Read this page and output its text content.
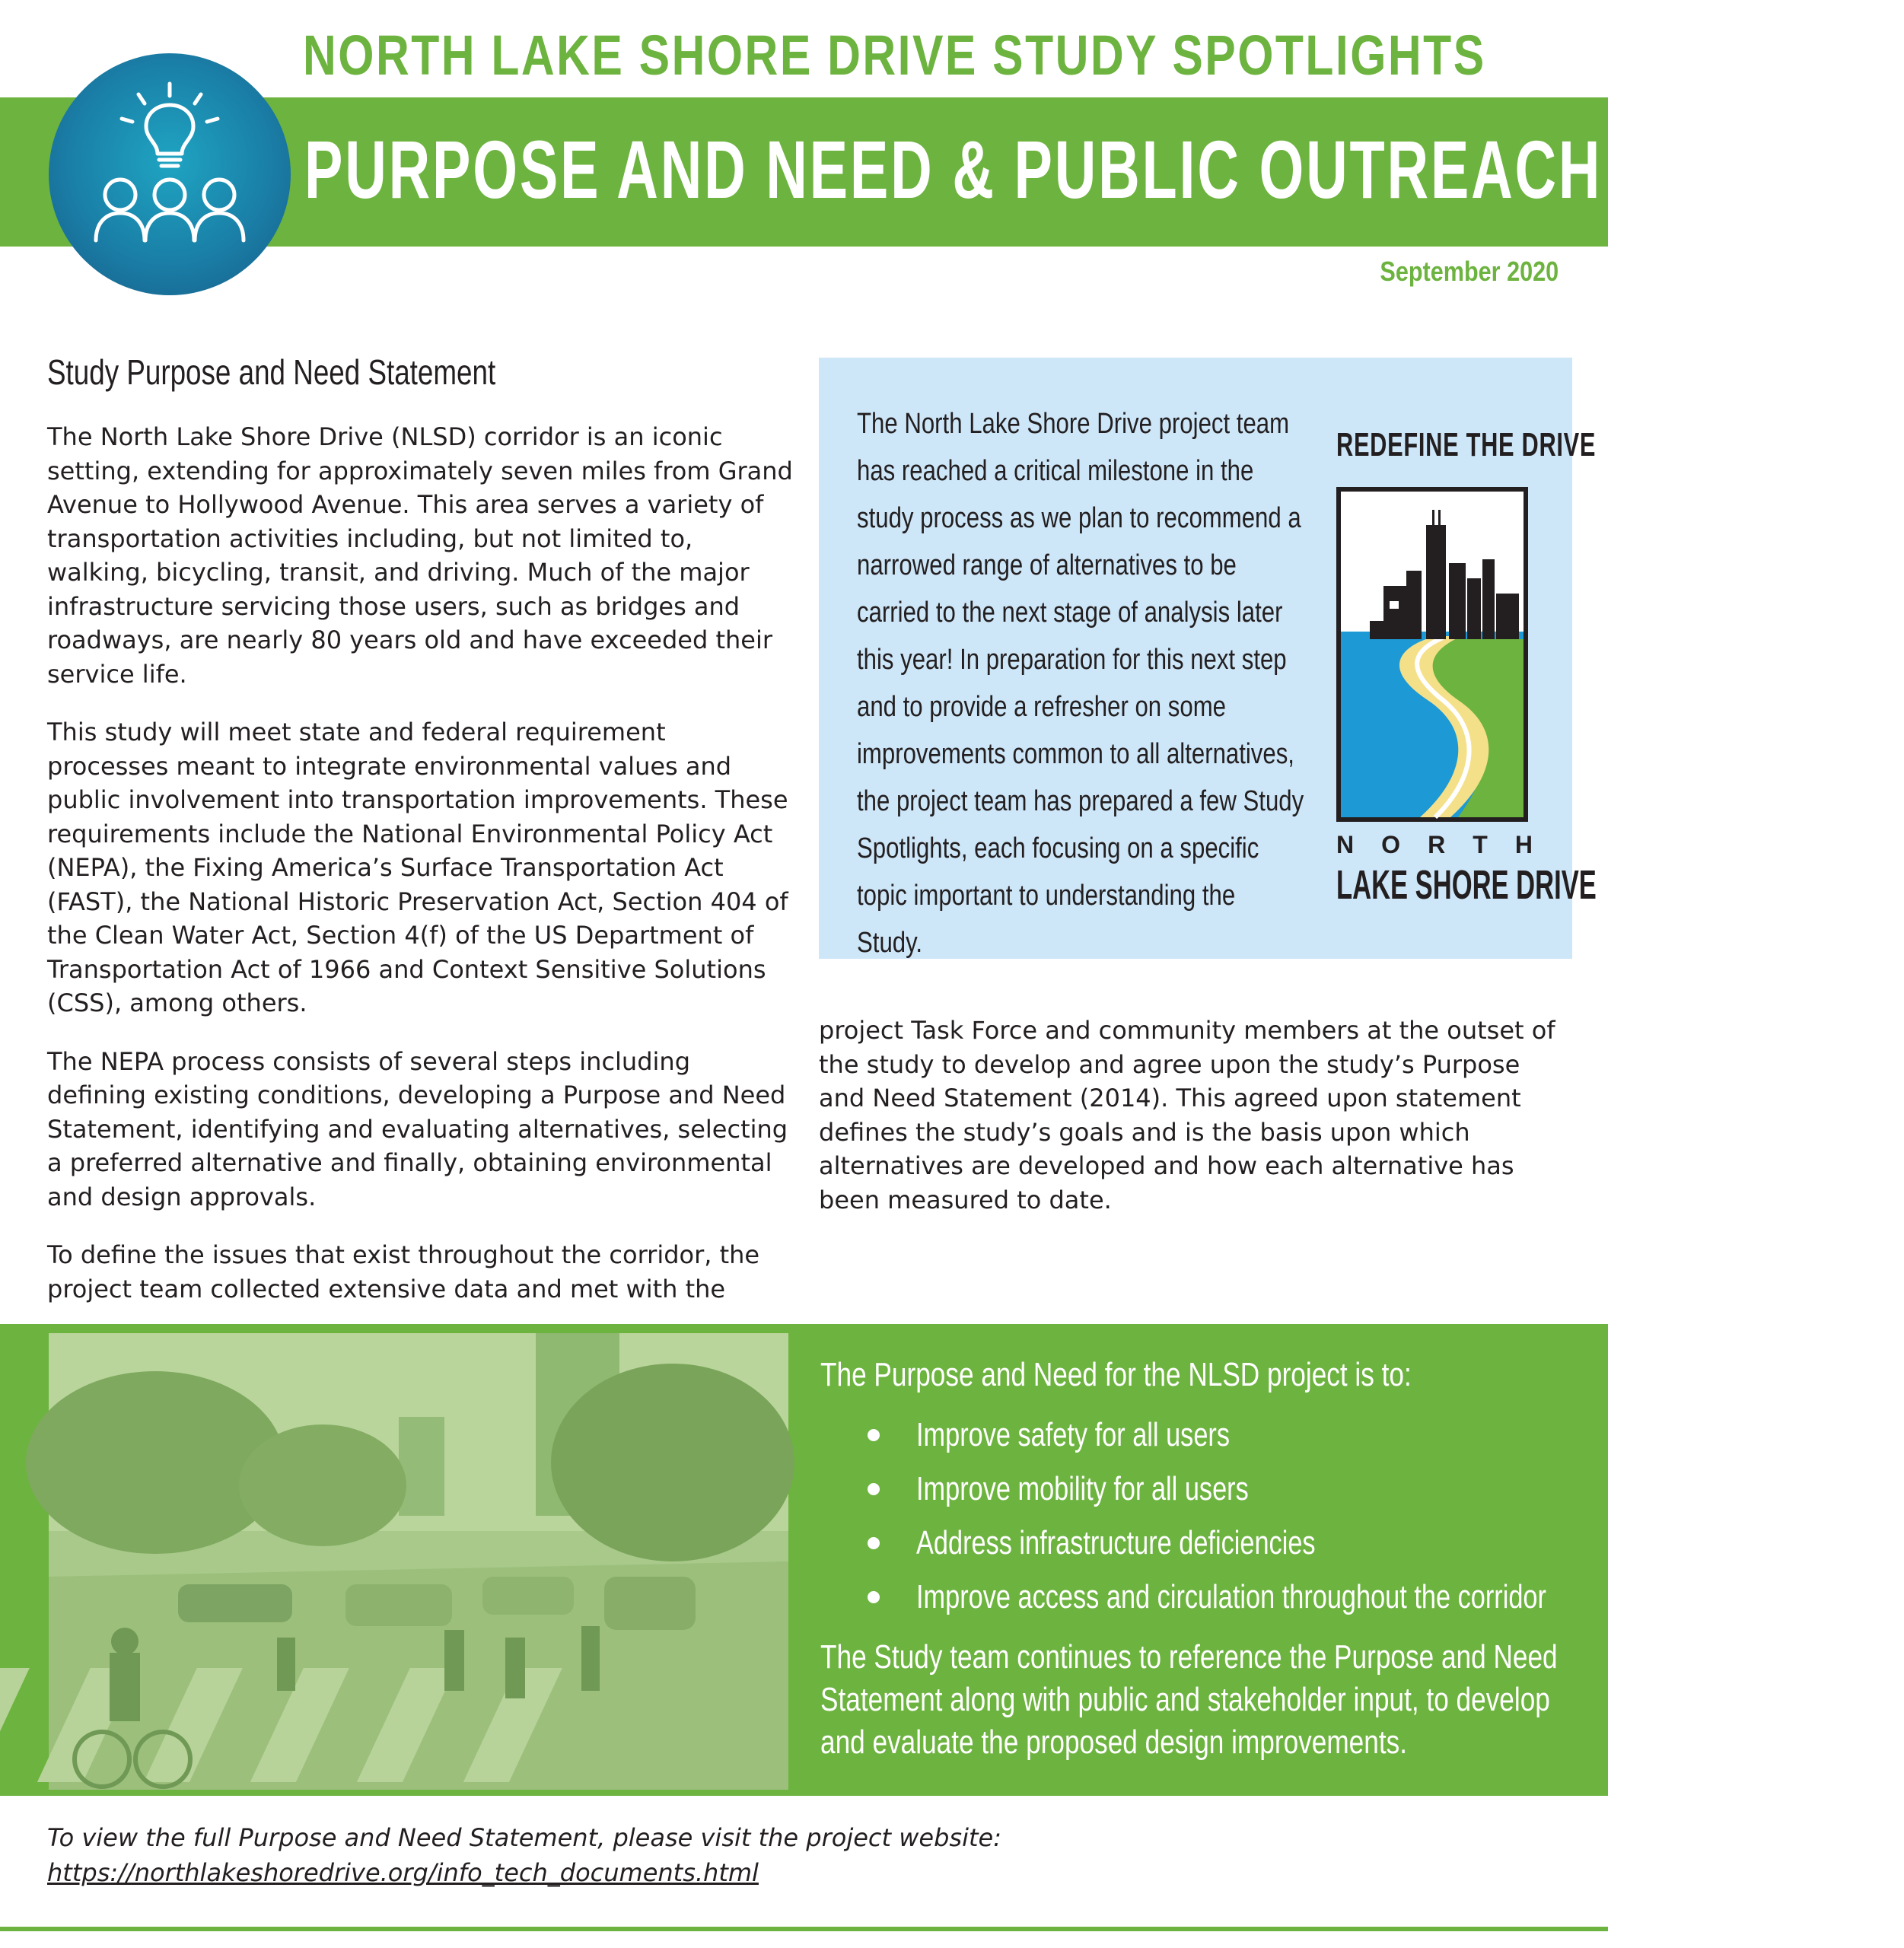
NORTH LAKE SHORE DRIVE STUDY SPOTLIGHTS
PURPOSE AND NEED & PUBLIC OUTREACH EFFORTS
September 2020
Study Purpose and Need Statement

The North Lake Shore Drive (NLSD) corridor is an iconic setting, extending for approximately seven miles from Grand Avenue to Hollywood Avenue. This area serves a variety of transportation activities including, but not limited to, walking, bicycling, transit, and driving. Much of the major infrastructure servicing those users, such as bridges and roadways, are nearly 80 years old and have exceeded their service life.

This study will meet state and federal requirement processes meant to integrate environmental values and public involvement into transportation improvements. These requirements include the National Environmental Policy Act (NEPA), the Fixing America’s Surface Transportation Act (FAST), the National Historic Preservation Act, Section 404 of the Clean Water Act, Section 4(f) of the US Department of Transportation Act of 1966 and Context Sensitive Solutions (CSS), among others.

The NEPA process consists of several steps including defining existing conditions, developing a Purpose and Need Statement, identifying and evaluating alternatives, selecting a preferred alternative and finally, obtaining environmental and design approvals.

To define the issues that exist throughout the corridor, the project team collected extensive data and met with the

The North Lake Shore Drive project team has reached a critical milestone in the study process as we plan to recommend a narrowed range of alternatives to be carried to the next stage of analysis later this year! In preparation for this next step and to provide a refresher on some improvements common to all alternatives, the project team has prepared a few Study Spotlights, each focusing on a specific topic important to understanding the Study.
REDEFINE THE DRIVE
N O R T H
LAKE SHORE DRIVE

project Task Force and community members at the outset of the study to develop and agree upon the study’s Purpose and Need Statement (2014). This agreed upon statement defines the study’s goals and is the basis upon which alternatives are developed and how each alternative has been measured to date.

The Purpose and Need for the NLSD project is to:
Improve safety for all users
Improve mobility for all users
Address infrastructure deficiencies
Improve access and circulation throughout the corridor
The Study team continues to reference the Purpose and Need Statement along with public and stakeholder input, to develop and evaluate the proposed design improvements.
To view the full Purpose and Need Statement, please visit the project website:
https://northlakeshoredrive.org/info_tech_documents.html
